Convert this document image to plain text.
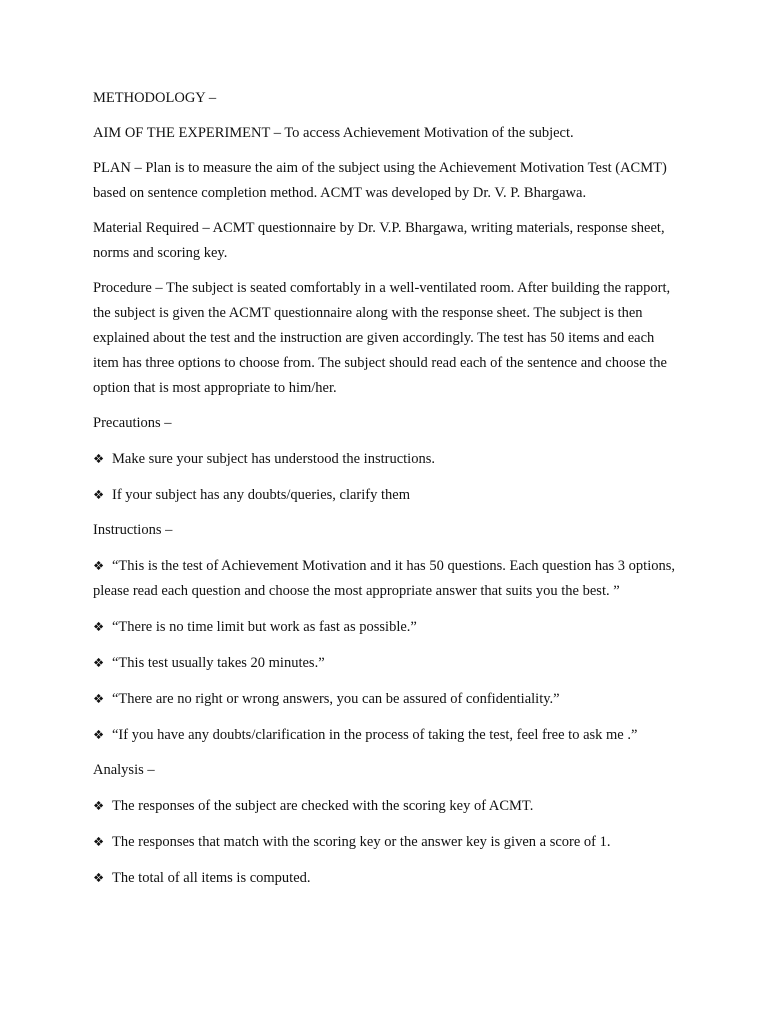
METHODOLOGY –

AIM OF THE EXPERIMENT – To access Achievement Motivation of the subject.

PLAN – Plan is to measure the aim of the subject using the Achievement Motivation Test (ACMT) based on sentence completion method. ACMT was developed by Dr. V. P. Bhargawa.

Material Required – ACMT questionnaire by Dr. V.P. Bhargawa, writing materials, response sheet, norms and scoring key.

Procedure – The subject is seated comfortably in a well-ventilated room. After building the rapport, the subject is given the ACMT questionnaire along with the response sheet. The subject is then explained about the test and the instruction are given accordingly. The test has 50 items and each item has three options to choose from. The subject should read each of the sentence and choose the option that is most appropriate to him/her.

Precautions –

❖ Make sure your subject has understood the instructions.

❖ If your subject has any doubts/queries, clarify them

Instructions –

❖ “This is the test of Achievement Motivation and it has 50 questions. Each question has 3 options, please read each question and choose the most appropriate answer that suits you the best. ”

❖ “There is no time limit but work as fast as possible.”

❖ “This test usually takes 20 minutes.”

❖ “There are no right or wrong answers, you can be assured of confidentiality.”

❖ “If you have any doubts/clarification in the process of taking the test, feel free to ask me .”

Analysis –

❖ The responses of the subject are checked with the scoring key of ACMT.

❖ The responses that match with the scoring key or the answer key is given a score of 1.

❖ The total of all items is computed.
